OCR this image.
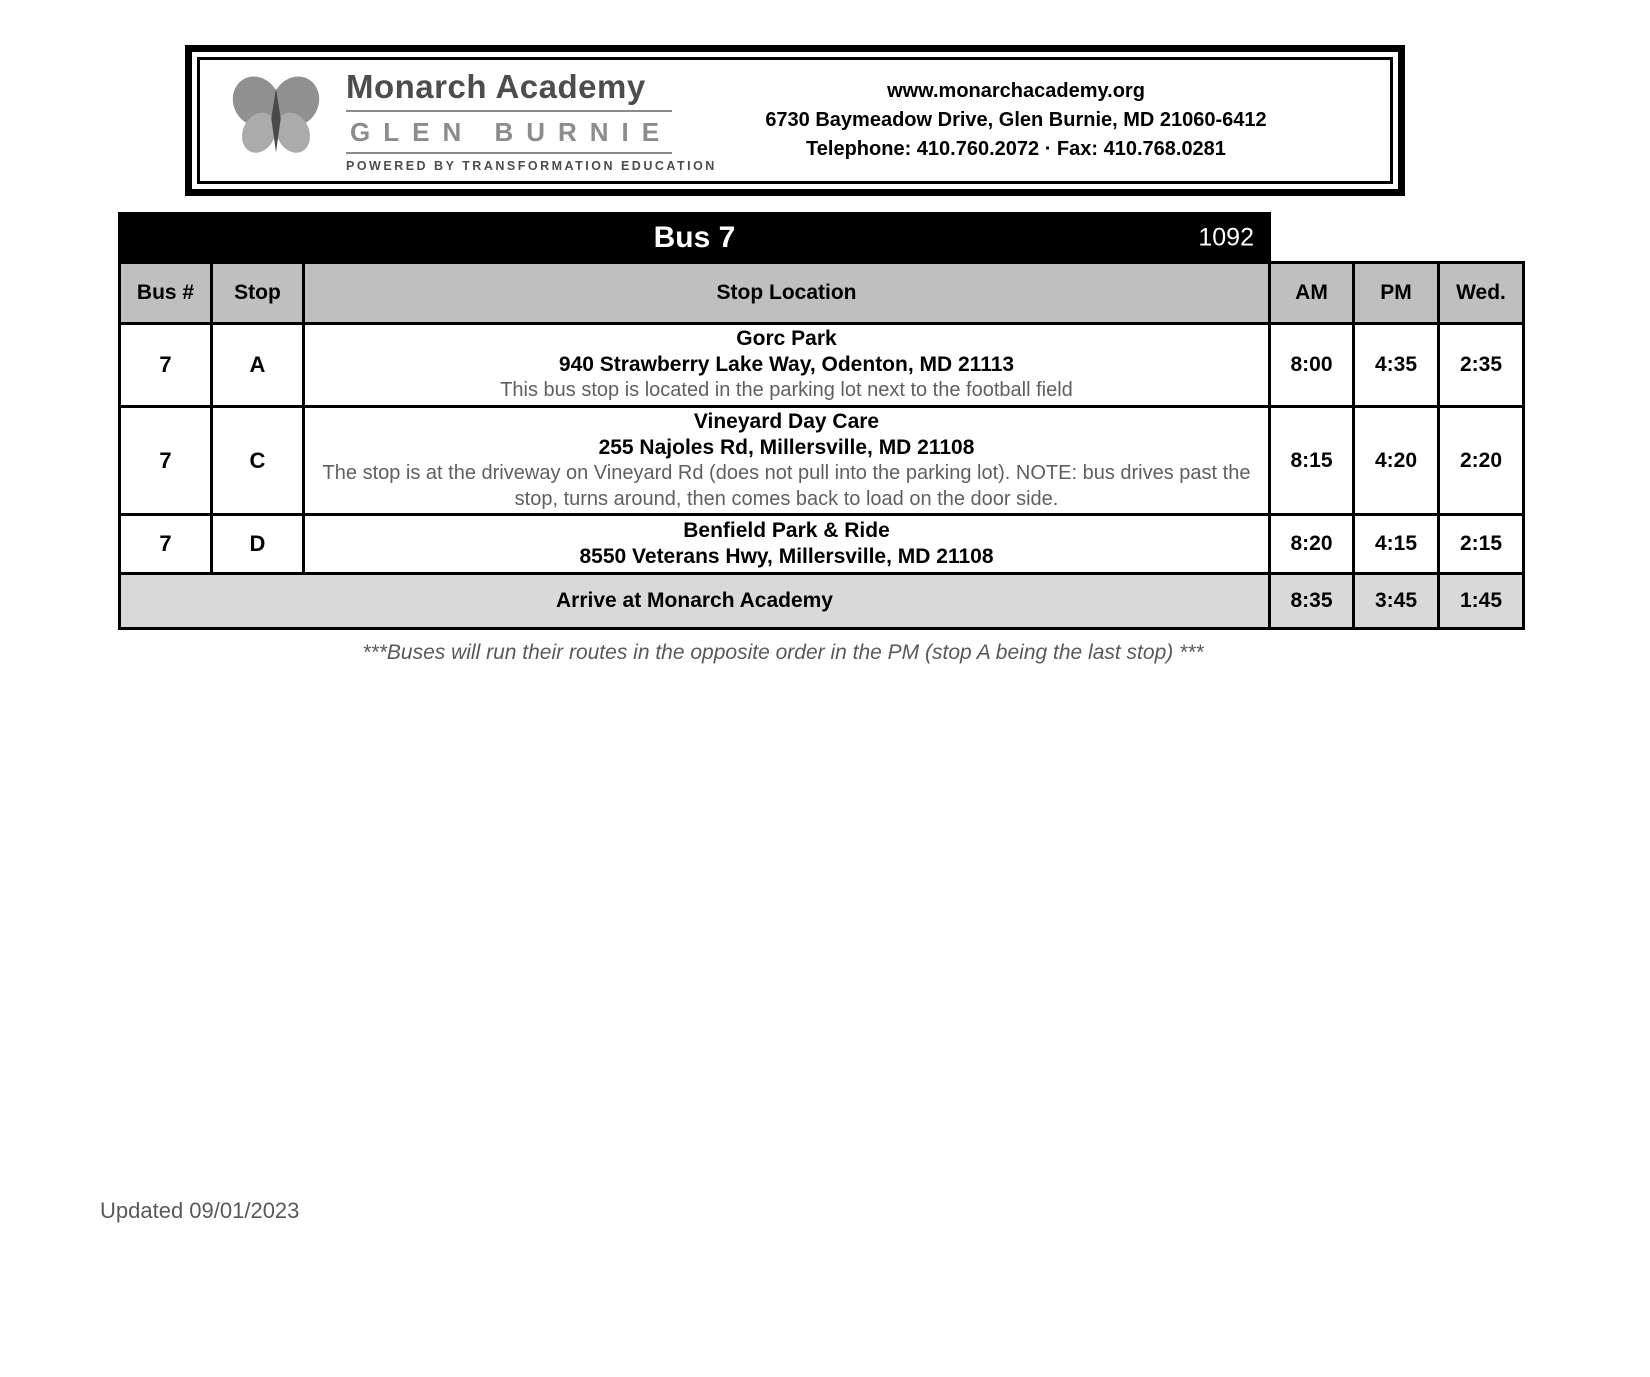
Monarch Academy
GLEN BURNIE
POWERED BY TRANSFORMATION EDUCATION
www.monarchacademy.org
6730 Baymeadow Drive, Glen Burnie, MD 21060-6412
Telephone: 410.760.2072 · Fax: 410.768.0281
Bus 7 1092					

Bus #	Stop	Stop Location	AM	PM	Wed.
7	A	Gorc Park
940 Strawberry Lake Way, Odenton, MD 21113
This bus stop is located in the parking lot next to the football field	8:00	4:35	2:35
7	C	Vineyard Day Care
255 Najoles Rd, Millersville, MD 21108
The stop is at the driveway on Vineyard Rd (does not pull into the parking lot). NOTE: bus drives past the stop, turns around, then comes back to load on the door side.	8:15	4:20	2:20
7	D	Benfield Park & Ride
8550 Veterans Hwy, Millersville, MD 21108	8:20	4:15	2:15
Arrive at Monarch Academy			8:35	3:45	1:45
***Buses will run their routes in the opposite order in the PM (stop A being the last stop) ***
Updated 09/01/2023
